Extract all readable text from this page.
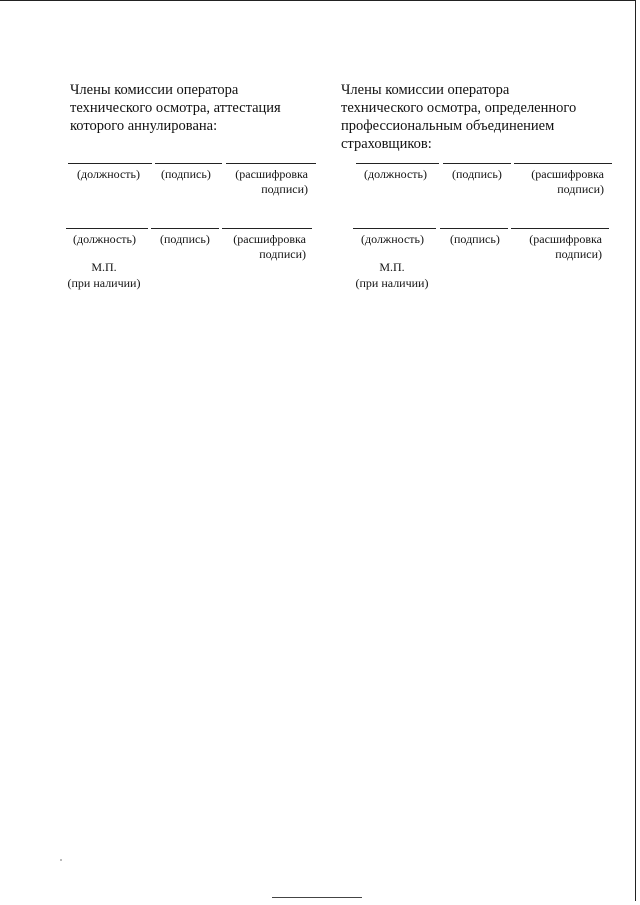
Члены комиссии оператора
технического осмотра, аттестация
которого аннулирована:

(должность) (подпись)	(расшифровка
подписи)
(должность) (подпись)	(расшифровка
подписи)
М.П.
(при наличии)

Члены комиссии оператора
технического осмотра, определенного
профессиональным объединением
страховщиков:

(должность) (подпись)	(расшифровка
подписи)
(должность) (подпись)	(расшифровка
подписи)
М.П.
(при наличии)
